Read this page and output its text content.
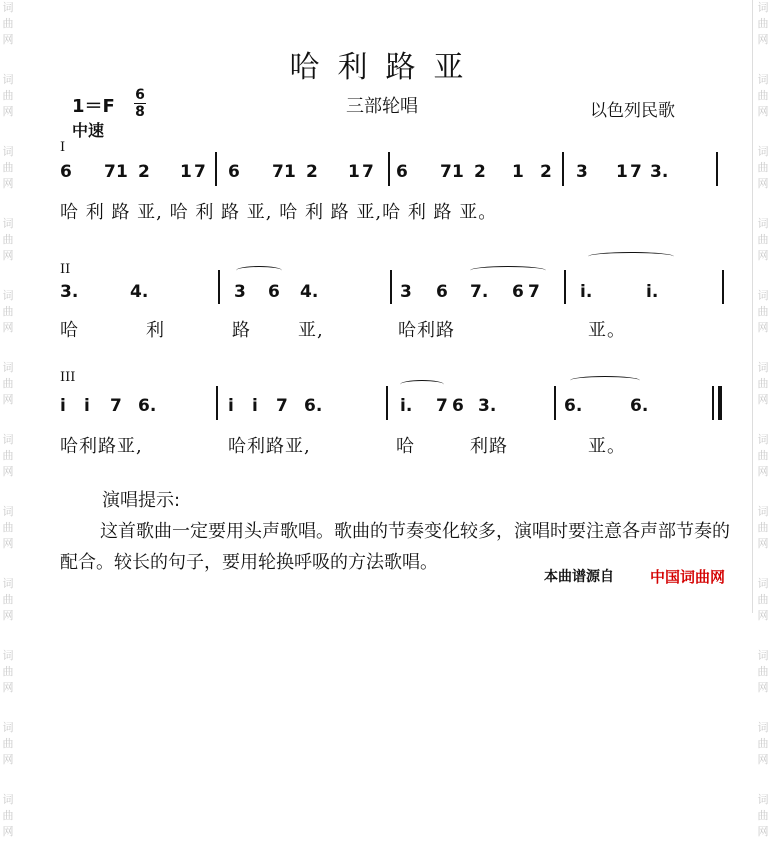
词
曲
网
词
曲
网
词
曲
网
词
曲
网
词
曲
网
词
曲
网
词
曲
网
词
曲
网
词
曲
网
词
曲
网
词
曲
网
词
曲
网
词
曲
网
词
曲
网
词
曲
网
词
曲
网
词
曲
网
词
曲
网
词
曲
网
词
曲
网
词
曲
网
词
曲
网
词
曲
网
词
曲
网
哈利路亚
1＝F
6
8
中速
三部轮唱	以色列民歌
I
6 7 1 2 1 7 6 7 1 2 1 7 6 7 1 2 1 2 3 1 7 3.
哈 利 路 亚, 哈 利 路 亚, 哈 利 路 亚,哈 利 路 亚。
II
3.	4.	3 6 4.	3 6 7. 6 7 i.	i.
哈	利	路	亚,	哈利路	亚。
III
i i 7 6.	i i 7 6.	i. 7 6 3.	6.	6.
哈利路亚,	哈利路亚,	哈	利路	亚。
演唱提示:
这首歌曲一定要用头声歌唱。歌曲的节奏变化较多，演唱时要注意各声部节奏的配合。较长的句子，要用轮换呼吸的方法歌唱。
本曲谱源自 中国词曲网
